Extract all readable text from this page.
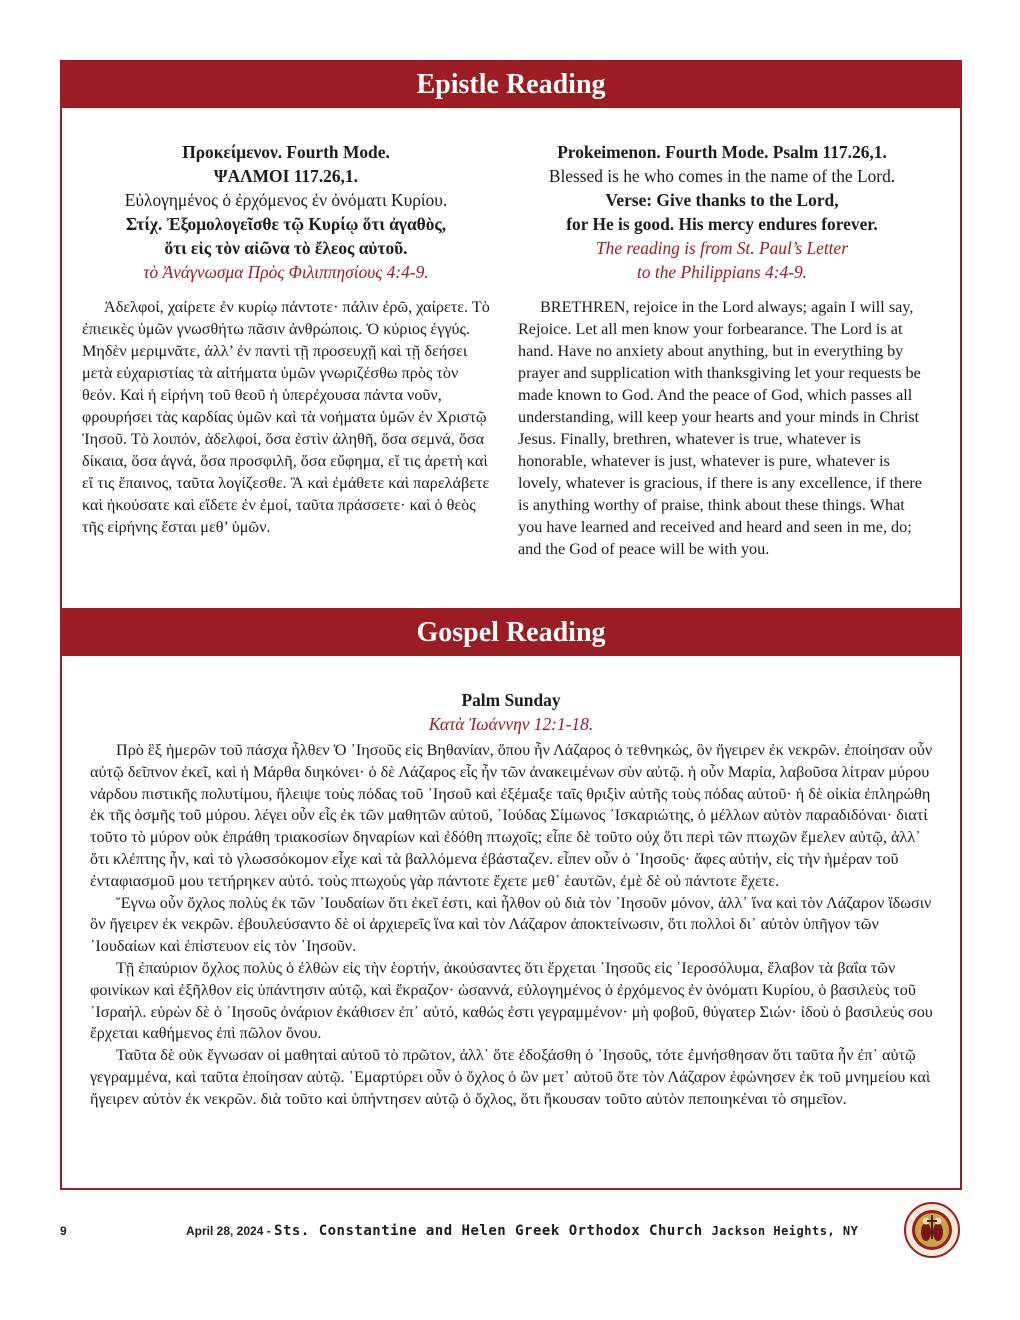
Epistle Reading
Προκείμενον. Fourth Mode.
ΨΑΛΜΟΙ 117.26,1.
Εὐλογημένος ὁ ἐρχόμενος ἐν ὀνόματι Κυρίου.
Στίχ. Ἐξομολογεῖσθε τῷ Κυρίῳ ὅτι ἀγαθὸς,
ὅτι εἰς τὸν αἰῶνα τὸ ἔλεος αὐτοῦ.
τὸ Ἀνάγνωσμα Πρὸς Φιλιππησίους 4:4-9.
Ἀδελφοί, χαίρετε ἐν κυρίῳ πάντοτε· πάλιν ἐρῶ, χαίρετε. Τὸ ἐπιεικὲς ὑμῶν γνωσθήτω πᾶσιν ἀνθρώποις. Ὁ κύριος ἐγγύς. Μηδὲν μεριμνᾶτε, ἀλλ’ ἐν παντὶ τῇ προσευχῇ καὶ τῇ δεήσει μετὰ εὐχαριστίας τὰ αἰτήματα ὑμῶν γνωριζέσθω πρὸς τὸν θεόν. Καὶ ἡ εἰρήνη τοῦ θεοῦ ἡ ὑπερέχουσα πάντα νοῦν, φρουρήσει τὰς καρδίας ὑμῶν καὶ τὰ νοήματα ὑμῶν ἐν Χριστῷ Ἰησοῦ. Τὸ λοιπόν, ἀδελφοί, ὅσα ἐστὶν ἀληθῆ, ὅσα σεμνά, ὅσα δίκαια, ὅσα ἁγνά, ὅσα προσφιλῆ, ὅσα εὔφημα, εἴ τις ἀρετὴ καὶ εἴ τις ἔπαινος, ταῦτα λογίζεσθε. Ἃ καὶ ἐμάθετε καὶ παρελάβετε καὶ ἠκούσατε καὶ εἴδετε ἐν ἐμοί, ταῦτα πράσσετε· καὶ ὁ θεὸς τῆς εἰρήνης ἔσται μεθ’ ὑμῶν.
Prokeimenon. Fourth Mode. Psalm 117.26,1.
Blessed is he who comes in the name of the Lord.
Verse: Give thanks to the Lord,
for He is good. His mercy endures forever.
The reading is from St. Paul’s Letter
to the Philippians 4:4-9.
BRETHREN, rejoice in the Lord always; again I will say, Rejoice. Let all men know your forbearance. The Lord is at hand. Have no anxiety about anything, but in everything by prayer and supplication with thanksgiving let your requests be made known to God. And the peace of God, which passes all understanding, will keep your hearts and your minds in Christ Jesus. Finally, brethren, whatever is true, whatever is honorable, whatever is just, whatever is pure, whatever is lovely, whatever is gracious, if there is any excellence, if there is anything worthy of praise, think about these things. What you have learned and received and heard and seen in me, do; and the God of peace will be with you.
Gospel Reading
Palm Sunday
Κατὰ Ἰωάννην 12:1-18.

Πρὸ ἓξ ἡμερῶν τοῦ πάσχα ἦλθεν Ὁ ᾿Ιησοῦς εἰς Βηθανίαν, ὅπου ἦν Λάζαρος ὁ τεθνηκώς, ὃν ἤγειρεν ἐκ νεκρῶν. ἐποίησαν οὖν αὐτῷ δεῖπνον ἐκεῖ, καὶ ἡ Μάρθα διηκόνει· ὁ δὲ Λάζαρος εἷς ἦν τῶν ἀνακειμένων σὺν αὐτῷ. ἡ οὖν Μαρία, λαβοῦσα λίτραν μύρου νάρδου πιστικῆς πολυτίμου, ἤλειψε τοὺς πόδας τοῦ ᾿Ιησοῦ καὶ ἐξέμαξε ταῖς θριξὶν αὐτῆς τοὺς πόδας αὐτοῦ· ἡ δὲ οἰκία ἐπληρώθη ἐκ τῆς ὀσμῆς τοῦ μύρου. λέγει οὖν εἷς ἐκ τῶν μαθητῶν αὐτοῦ, ᾿Ιούδας Σίμωνος ᾿Ισκαριώτης, ὁ μέλλων αὐτὸν παραδιδόναι· διατί τοῦτο τὸ μύρον οὐκ ἐπράθη τριακοσίων δηναρίων καὶ ἐδόθη πτωχοῖς; εἶπε δὲ τοῦτο οὐχ ὅτι περὶ τῶν πτωχῶν ἔμελεν αὐτῷ, ἀλλ᾿ ὅτι κλέπτης ἦν, καὶ τὸ γλωσσόκομον εἶχε καὶ τὰ βαλλόμενα ἐβάσταζεν. εἶπεν οὖν ὁ ᾿Ιησοῦς· ἄφες αὐτήν, εἰς τὴν ἡμέραν τοῦ ἐνταφιασμοῦ μου τετήρηκεν αὐτό. τοὺς πτωχοὺς γὰρ πάντοτε ἔχετε μεθ᾿ ἑαυτῶν, ἐμὲ δὲ οὐ πάντοτε ἔχετε.

Ἔγνω οὖν ὄχλος πολὺς ἐκ τῶν ᾿Ιουδαίων ὅτι ἐκεῖ ἐστι, καὶ ἦλθον οὐ διὰ τὸν ᾿Ιησοῦν μόνον, ἀλλ᾿ ἵνα καὶ τὸν Λάζαρον ἴδωσιν ὃν ἤγειρεν ἐκ νεκρῶν. ἐβουλεύσαντο δὲ οἱ ἀρχιερεῖς ἵνα καὶ τὸν Λάζαρον ἀποκτείνωσιν, ὅτι πολλοὶ δι᾿ αὐτὸν ὑπῆγον τῶν ᾿Ιουδαίων καὶ ἐπίστευον εἰς τὸν ᾿Ιησοῦν.

Τῇ ἐπαύριον ὄχλος πολὺς ὁ ἐλθὼν εἰς τὴν ἑορτήν, ἀκούσαντες ὅτι ἔρχεται ᾿Ιησοῦς εἰς ῾Ιεροσόλυμα, ἔλαβον τὰ βαΐα τῶν φοινίκων καὶ ἐξῆλθον εἰς ὑπάντησιν αὐτῷ, καὶ ἔκραζον· ὡσαννά, εὐλογημένος ὁ ἐρχόμενος ἐν ὀνόματι Κυρίου, ὁ βασιλεὺς τοῦ ᾿Ισραήλ. εὑρὼν δὲ ὁ ᾿Ιησοῦς ὀνάριον ἐκάθισεν ἐπ᾿ αὐτό, καθώς ἐστι γεγραμμένον· μὴ φοβοῦ, θύγατερ Σιών· ἰδοὺ ὁ βασιλεύς σου ἔρχεται καθήμενος ἐπὶ πῶλον ὄνου.

Ταῦτα δὲ οὐκ ἔγνωσαν οἱ μαθηταὶ αὐτοῦ τὸ πρῶτον, ἀλλ᾿ ὅτε ἐδοξάσθη ὁ ᾿Ιησοῦς, τότε ἐμνήσθησαν ὅτι ταῦτα ἦν ἐπ᾿ αὐτῷ γεγραμμένα, καὶ ταῦτα ἐποίησαν αὐτῷ. ᾿Εμαρτύρει οὖν ὁ ὄχλος ὁ ὢν μετ᾿ αὐτοῦ ὅτε τὸν Λάζαρον ἐφώνησεν ἐκ τοῦ μνημείου καὶ ἤγειρεν αὐτὸν ἐκ νεκρῶν. διὰ τοῦτο καὶ ὑπήντησεν αὐτῷ ὁ ὄχλος, ὅτι ἤκουσαν τοῦτο αὐτὸν πεποιηκέναι τὸ σημεῖον.

9	April 28, 2024 - Sts. Constantine and Helen Greek Orthodox Church Jackson Heights, NY
